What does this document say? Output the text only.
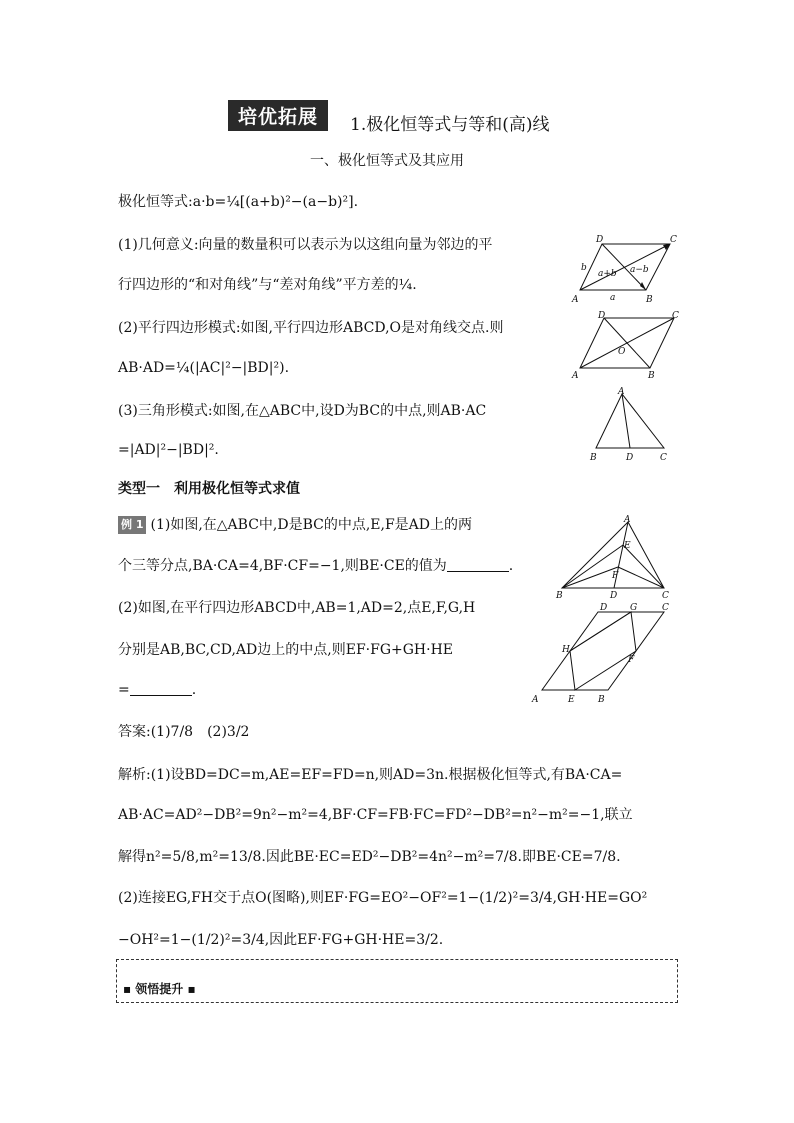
培优拓展	1.极化恒等式与等和(高)线
一、极化恒等式及其应用
极化恒等式:a·b=¼[(a+b)²−(a−b)²].
(1)几何意义:向量的数量积可以表示为以这组向量为邻边的平
行四边形的“和对角线”与“差对角线”平方差的¼.
(2)平行四边形模式:如图,平行四边形ABCD,O是对角线交点.则
AB·AD=¼(|AC|²−|BD|²).
(3)三角形模式:如图,在△ABC中,设D为BC的中点,则AB·AC
=|AD|²−|BD|².
类型一　利用极化恒等式求值
例 1 (1)如图,在△ABC中,D是BC的中点,E,F是AD上的两
个三等分点,BA·CA=4,BF·CF=−1,则BE·CE的值为	.
(2)如图,在平行四边形ABCD中,AB=1,AD=2,点E,F,G,H
分别是AB,BC,CD,AD边上的中点,则EF·FG+GH·HE
=	.
答案:(1)7/8　(2)3/2
解析:(1)设BD=DC=m,AE=EF=FD=n,则AD=3n.根据极化恒等式,有BA·CA=
AB·AC=AD²−DB²=9n²−m²=4,BF·CF=FB·FC=FD²−DB²=n²−m²=−1,联立
解得n²=5/8,m²=13/8.因此BE·EC=ED²−DB²=4n²−m²=7/8.即BE·CE=7/8.
(2)连接EG,FH交于点O(图略),则EF·FG=EO²−OF²=1−(1/2)²=3/4,GH·HE=GO²
−OH²=1−(1/2)²=3/4,因此EF·FG+GH·HE=3/2.
▪ 领悟提升 ▪
D	C
A	B
b
a
a+b a−b
D	C
A	B
O
A
B	D	C
A
E
F
B	D	C
D	G	C
H
F
A	E	B
